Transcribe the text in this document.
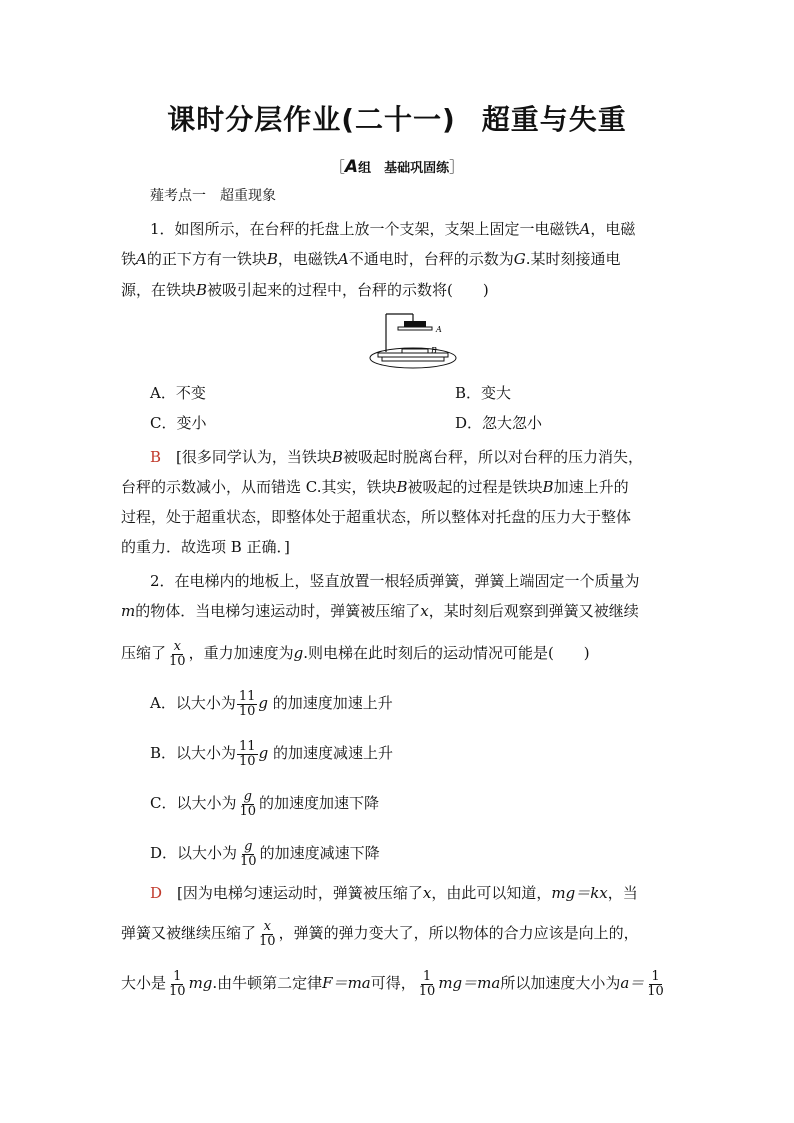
课时分层作业(二十一) 超重与失重
［A组　基础巩固练］
薤考点一　超重现象
1．如图所示，在台秤的托盘上放一个支架，支架上固定一电磁铁A，电磁
铁A的正下方有一铁块B，电磁铁A不通电时，台秤的示数为G.某时刻接通电
源，在铁块B被吸引起来的过程中，台秤的示数将(　　)
A
B
A．不变	B．变大
C．变小	D．忽大忽小
B　 [很多同学认为，当铁块B被吸起时脱离台秤，所以对台秤的压力消失，
台秤的示数减小，从而错选 C.其实，铁块B被吸起的过程是铁块B加速上升的
过程，处于超重状态，即整体处于超重状态，所以整体对托盘的压力大于整体
的重力．故选项 B 正确．]
2．在电梯内的地板上，竖直放置一根轻质弹簧，弹簧上端固定一个质量为
m的物体．当电梯匀速运动时，弹簧被压缩了x，某时刻后观察到弹簧又被继续
压缩了 $\frac{x}{10}$ ，重力加速度为g.则电梯在此时刻后的运动情况可能是(　　)
A．以大小为 $\frac{11}{10}$ g 的加速度加速上升
B．以大小为 $\frac{11}{10}$ g 的加速度减速上升
C．以大小为 $\frac{g}{10}$ 的加速度加速下降
D．以大小为 $\frac{g}{10}$ 的加速度减速下降
D　 [因为电梯匀速运动时，弹簧被压缩了x，由此可以知道，mg＝kx，当
弹簧又被继续压缩了 $\frac{x}{10}$ ，弹簧的弹力变大了，所以物体的合力应该是向上的，
大小是 $\frac{1}{10}$ mg.由牛顿第二定律F＝ma可得， $\frac{1}{10} mg=ma$所以加速度大小为$a= \frac{1}{10}$
